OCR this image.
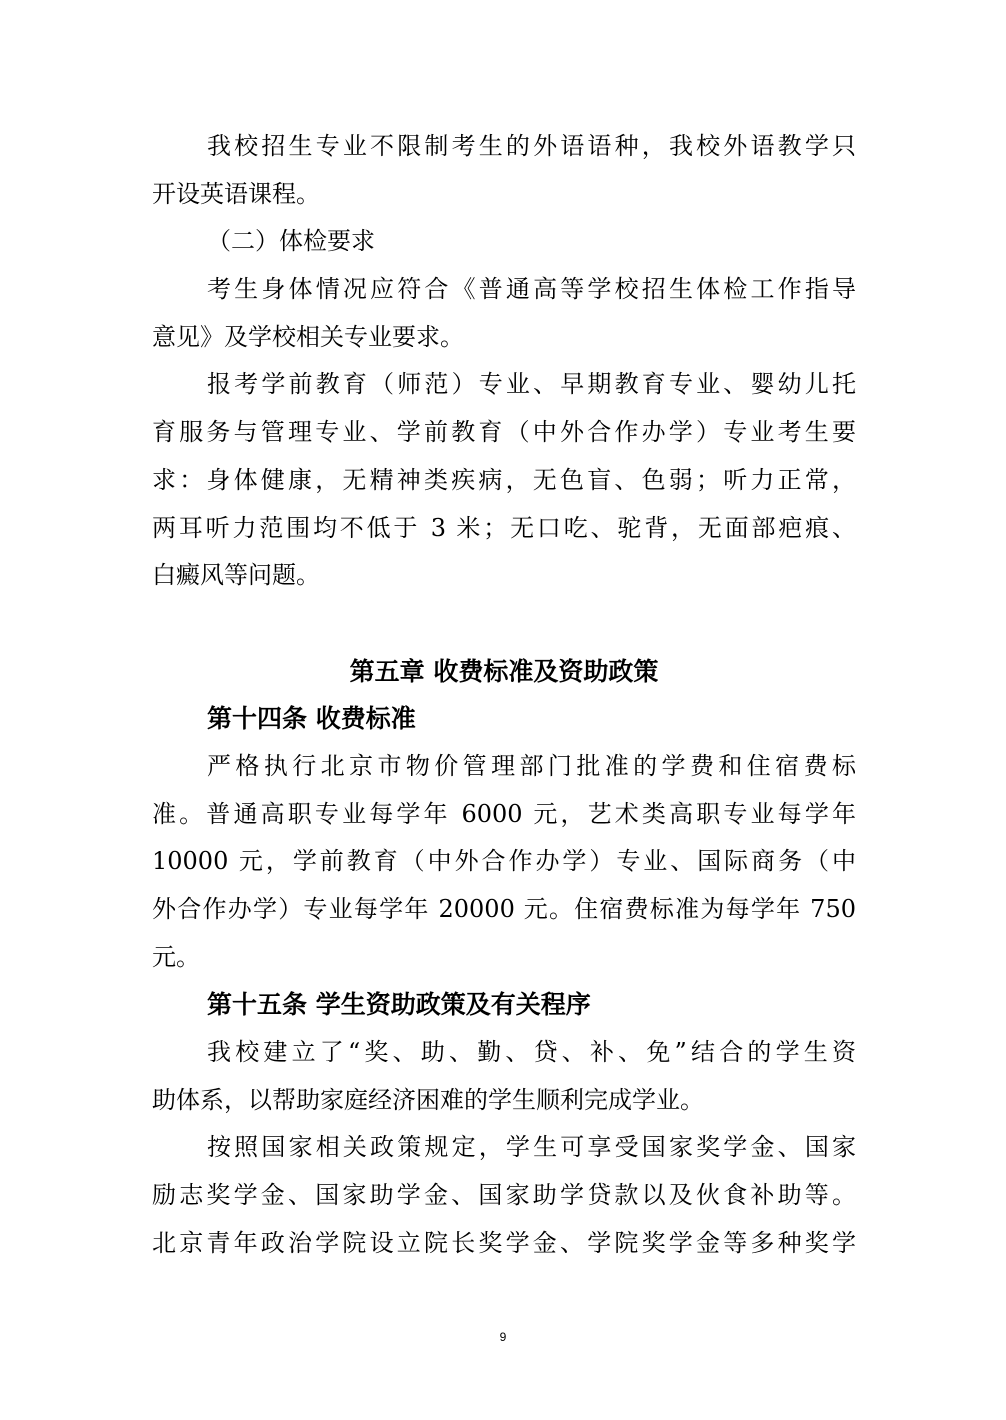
我校招生专业不限制考生的外语语种，我校外语教学只
开设英语课程。
（二）体检要求
考生身体情况应符合《普通高等学校招生体检工作指导
意见》及学校相关专业要求。
报考学前教育（师范）专业、早期教育专业、婴幼儿托
育服务与管理专业、学前教育（中外合作办学）专业考生要
求：身体健康，无精神类疾病，无色盲、色弱；听力正常，
两耳听力范围均不低于 3 米；无口吃、驼背，无面部疤痕、
白癜风等问题。
第五章 收费标准及资助政策
第十四条 收费标准
严格执行北京市物价管理部门批准的学费和住宿费标
准。普通高职专业每学年 6000 元，艺术类高职专业每学年
10000 元，学前教育（中外合作办学）专业、国际商务（中
外合作办学）专业每学年 20000 元。住宿费标准为每学年 750
元。
第十五条 学生资助政策及有关程序
我校建立了“奖、助、勤、贷、补、免”结合的学生资
助体系，以帮助家庭经济困难的学生顺利完成学业。
按照国家相关政策规定，学生可享受国家奖学金、国家
励志奖学金、国家助学金、国家助学贷款以及伙食补助等。
北京青年政治学院设立院长奖学金、学院奖学金等多种奖学
9
